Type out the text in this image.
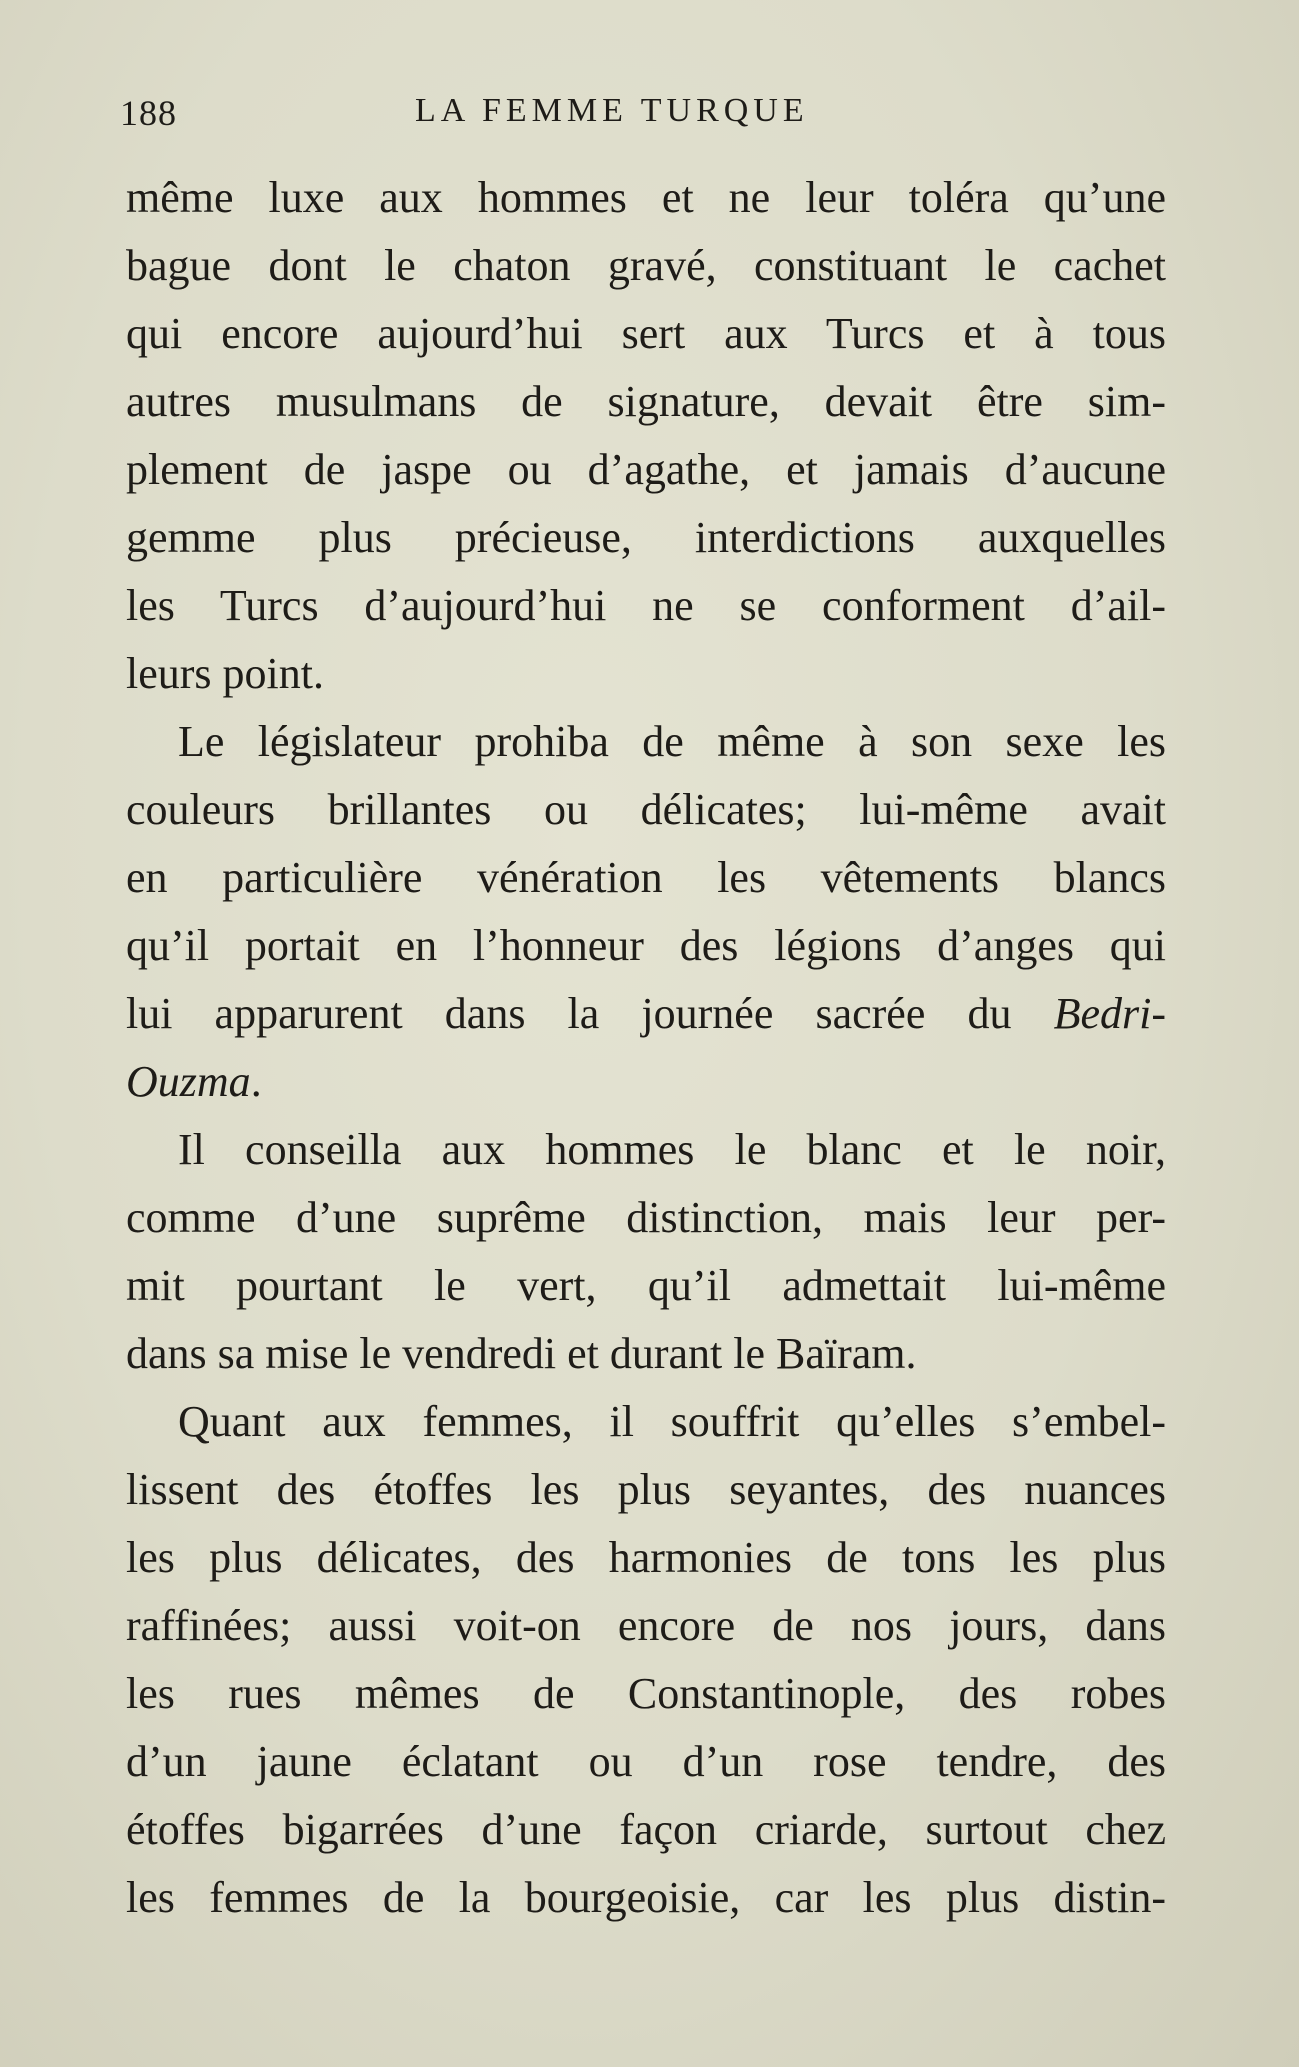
188	LA FEMME TURQUE
même luxe aux hommes et ne leur toléra qu’une
bague dont le chaton gravé, constituant le cachet
qui encore aujourd’hui sert aux Turcs et à tous
autres musulmans de signature, devait être sim-
plement de jaspe ou d’agathe, et jamais d’aucune
gemme plus précieuse, interdictions auxquelles
les Turcs d’aujourd’hui ne se conforment d’ail-
leurs point.
Le législateur prohiba de même à son sexe les
couleurs brillantes ou délicates; lui-même avait
en particulière vénération les vêtements blancs
qu’il portait en l’honneur des légions d’anges qui
lui apparurent dans la journée sacrée du Bedri-
Ouzma.
Il conseilla aux hommes le blanc et le noir,
comme d’une suprême distinction, mais leur per-
mit pourtant le vert, qu’il admettait lui-même
dans sa mise le vendredi et durant le Baïram.
Quant aux femmes, il souffrit qu’elles s’embel-
lissent des étoffes les plus seyantes, des nuances
les plus délicates, des harmonies de tons les plus
raffinées; aussi voit-on encore de nos jours, dans
les rues mêmes de Constantinople, des robes
d’un jaune éclatant ou d’un rose tendre, des
étoffes bigarrées d’une façon criarde, surtout chez
les femmes de la bourgeoisie, car les plus distin-
